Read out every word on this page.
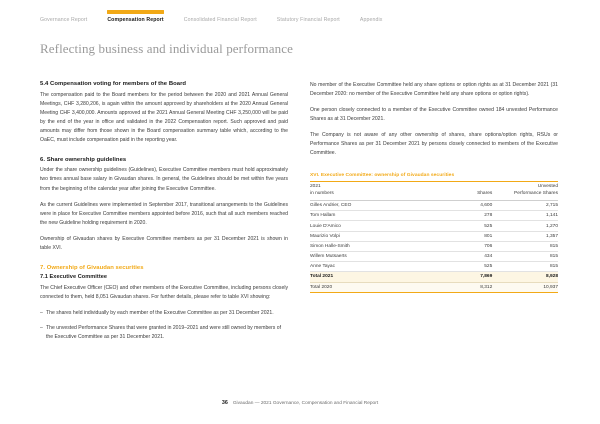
Governance Report	Compensation Report	Consolidated Financial Report	Statutory Financial Report	Appendix
Reflecting business and individual performance
5.4 Compensation voting for members of the Board

The compensation paid to the Board members for the period between the 2020 and 2021 Annual General Meetings, CHF 3,280,206, is again within the amount approved by shareholders at the 2020 Annual General Meeting CHF 3,400,000. Amounts approved at the 2021 Annual General Meeting CHF 3,250,000 will be paid by the end of the year in office and validated in the 2022 Compensation report. Such approved and paid amounts may differ from those shown in the Board compensation summary table which, according to the OaEC, must include compensation paid in the reporting year.

6. Share ownership guidelines

Under the share ownership guidelines (Guidelines), Executive Committee members must hold approximately two times annual base salary in Givaudan shares. In general, the Guidelines should be met within five years from the beginning of the calendar year after joining the Executive Committee.

As the current Guidelines were implemented in September 2017, transitional arrangements to the Guidelines were in place for Executive Committee members appointed before 2016, such that all such members reached the new Guideline holding requirement in 2020.

Ownership of Givaudan shares by Executive Committee members as per 31 December 2021 is shown in table XVI.

7. Ownership of Givaudan securities
7.1 Executive Committee

The Chief Executive Officer (CEO) and other members of the Executive Committee, including persons closely connected to them, held 8,051 Givaudan shares. For further details, please refer to table XVI showing:

– The shares held individually by each member of the Executive Committee as per 31 December 2021.
– The unvested Performance Shares that were granted in 2019–2021 and were still owned by members of the Executive Committee as per 31 December 2021.

No member of the Executive Committee held any share options or option rights as at 31 December 2021 (31 December 2020: no member of the Executive Committee held any share options or option rights).

One person closely connected to a member of the Executive Committee owned 184 unvested Performance Shares as at 31 December 2021.

The Company is not aware of any other ownership of shares, share options/option rights, RSUs or Performance Shares as per 31 December 2021 by persons closely connected to members of the Executive Committee.

XVI. Executive Committee: ownership of Givaudan securities
2021
in numbers	Shares

Unvested
Performance Shares

Gilles Andrier, CEO	4,600	2,715
Tom Hallam	278	1,141
Louie D'Amico	525	1,270
Maurizio Volpi	801	1,357
Simon Halle-Smith	706	815
Willem Mutsaerts	434	815
Anne Tayac	525	815
Total 2021	7,869	8,928
Total 2020	8,312	10,937
36 Givaudan — 2021 Governance, Compensation and Financial Report
